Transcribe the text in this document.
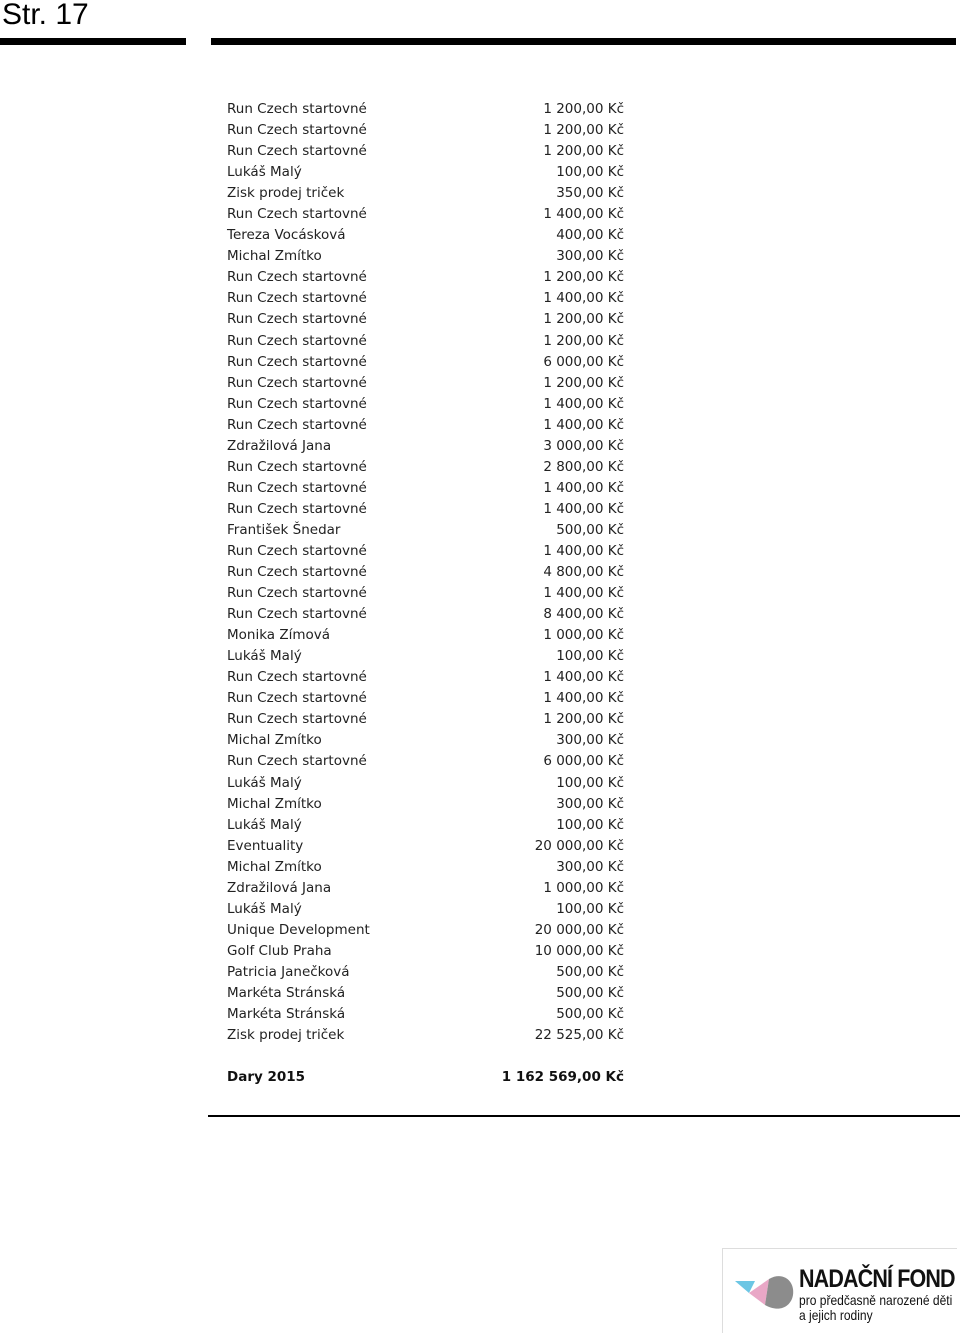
Str. 17
Run Czech startovné	1 200,00 Kč
Run Czech startovné	1 200,00 Kč
Run Czech startovné	1 200,00 Kč
Lukáš Malý	100,00 Kč
Zisk prodej triček	350,00 Kč
Run Czech startovné	1 400,00 Kč
Tereza Vocásková	400,00 Kč
Michal Zmítko	300,00 Kč
Run Czech startovné	1 200,00 Kč
Run Czech startovné	1 400,00 Kč
Run Czech startovné	1 200,00 Kč
Run Czech startovné	1 200,00 Kč
Run Czech startovné	6 000,00 Kč
Run Czech startovné	1 200,00 Kč
Run Czech startovné	1 400,00 Kč
Run Czech startovné	1 400,00 Kč
Zdražilová Jana	3 000,00 Kč
Run Czech startovné	2 800,00 Kč
Run Czech startovné	1 400,00 Kč
Run Czech startovné	1 400,00 Kč
František Šnedar	500,00 Kč
Run Czech startovné	1 400,00 Kč
Run Czech startovné	4 800,00 Kč
Run Czech startovné	1 400,00 Kč
Run Czech startovné	8 400,00 Kč
Monika Zímová	1 000,00 Kč
Lukáš Malý	100,00 Kč
Run Czech startovné	1 400,00 Kč
Run Czech startovné	1 400,00 Kč
Run Czech startovné	1 200,00 Kč
Michal Zmítko	300,00 Kč
Run Czech startovné	6 000,00 Kč
Lukáš Malý	100,00 Kč
Michal Zmítko	300,00 Kč
Lukáš Malý	100,00 Kč
Eventuality	20 000,00 Kč
Michal Zmítko	300,00 Kč
Zdražilová Jana	1 000,00 Kč
Lukáš Malý	100,00 Kč
Unique Development	20 000,00 Kč
Golf Club Praha	10 000,00 Kč
Patricia Janečková	500,00 Kč
Markéta Stránská	500,00 Kč
Markéta Stránská	500,00 Kč
Zisk prodej triček	22 525,00 Kč
Dary 2015	1 162 569,00 Kč
NADAČNÍ FOND
pro předčasně narozené děti
a jejich rodiny
